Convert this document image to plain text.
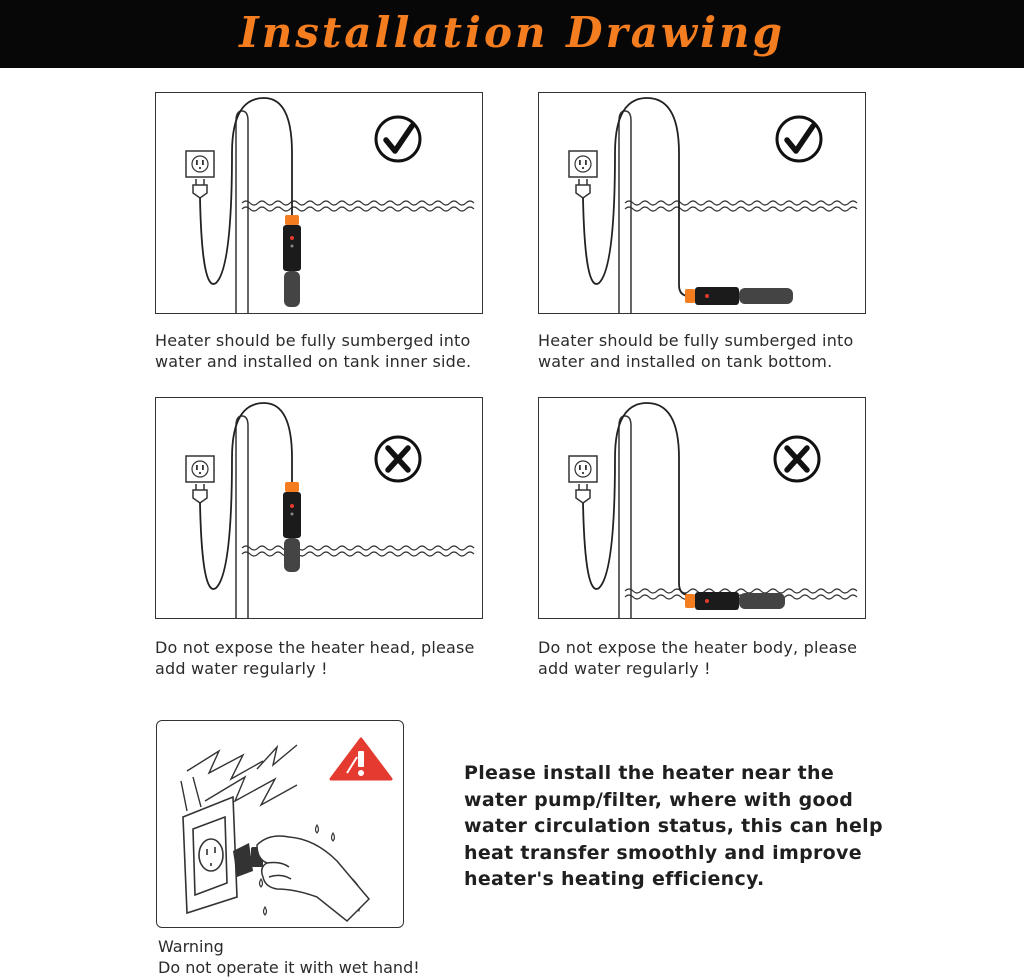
Installation Drawing
Heater should be fully sumberged into
water and installed on tank inner side.
Heater should be fully sumberged into
water and installed on tank bottom.
Do not expose the heater head, please
add water regularly !
Do not expose the heater body, please
add water regularly !
Warning
Do not operate it with wet hand!
Please install the heater near the
water pump/filter, where with good
water circulation status, this can help
heat transfer smoothly and improve
heater's heating efficiency.
